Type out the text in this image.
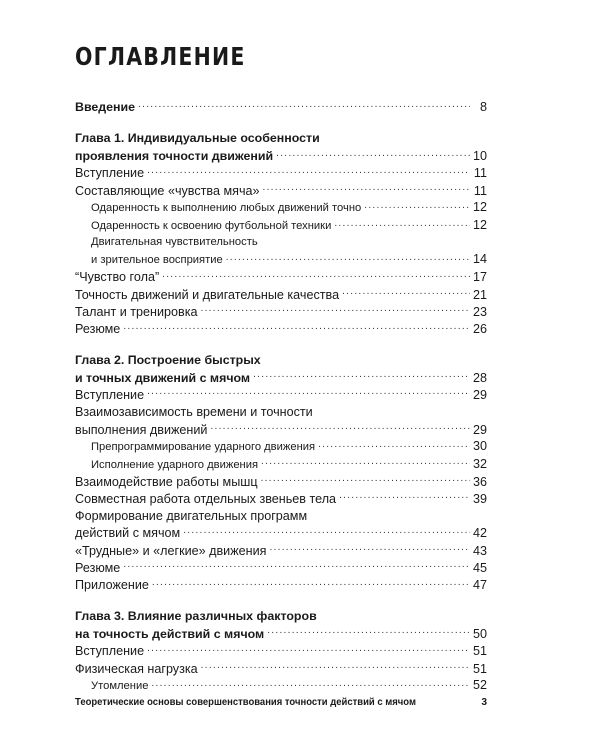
ОГЛАВЛЕНИЕ
Введение .....	8
Глава 1. Индивидуальные особенности
проявления точности движений .....	10
Вступление .....	11
Составляющие «чувства мяча» .....	11
Одаренность к выполнению любых движений точно .....	12
Одаренность к освоению футбольной техники .....	12
Двигательная чувствительность
и зрительное восприятие .....	14
“Чувство гола” .....	17
Точность движений и двигательные качества .....	21
Талант и тренировка .....	23
Резюме .....	26
Глава 2. Построение быстрых
и точных движений с мячом .....	28
Вступление .....	29
Взаимозависимость времени и точности
выполнения движений .....	29
Препрограммирование ударного движения .....	30
Исполнение ударного движения .....	32
Взаимодействие работы мышц .....	36
Совместная работа отдельных звеньев тела .....	39
Формирование двигательных программ
действий с мячом .....	42
«Трудные» и «легкие» движения .....	43
Резюме .....	45
Приложение .....	47
Глава 3. Влияние различных факторов
на точность действий с мячом .....	50
Вступление .....	51
Физическая нагрузка .....	51
Утомление .....	52
Теоретические основы совершенствования точности действий с мячом	3
